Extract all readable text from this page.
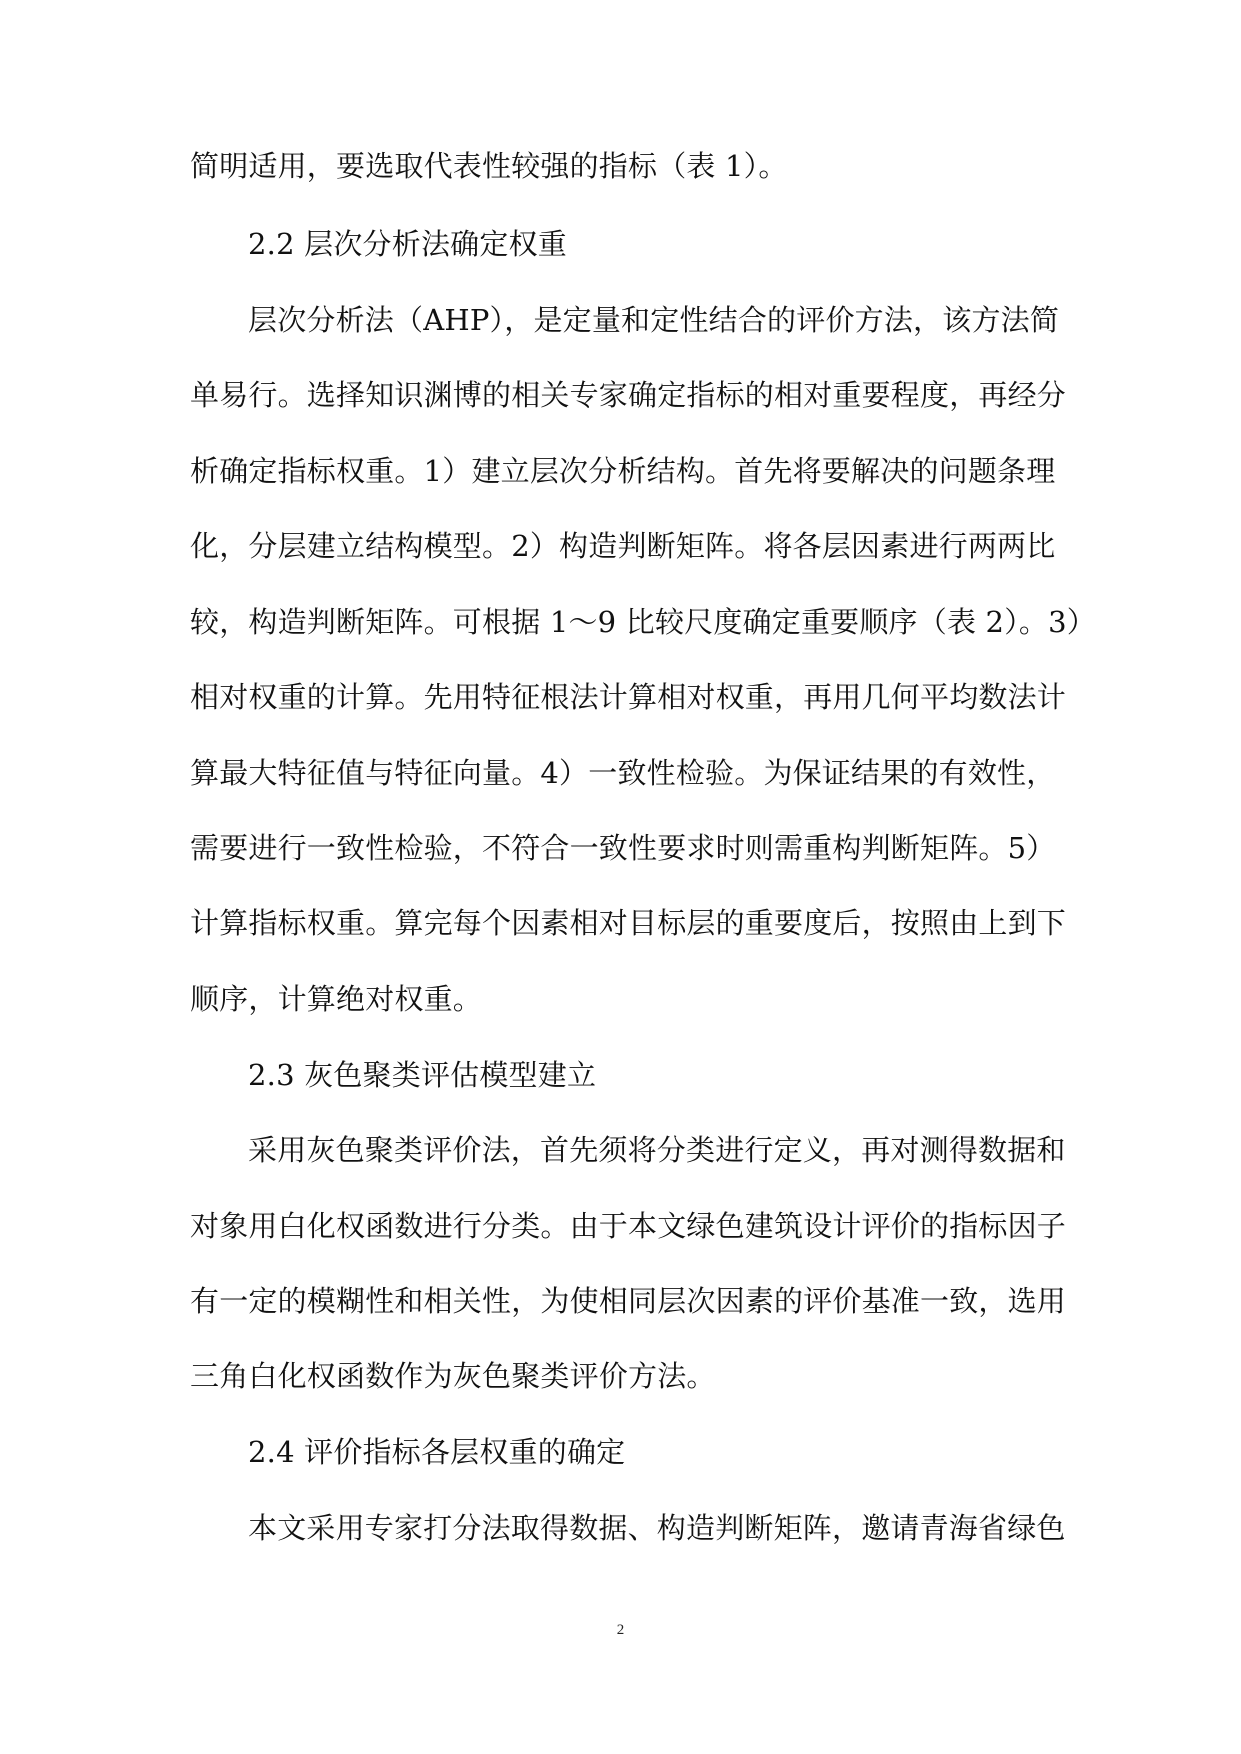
简明适用，要选取代表性较强的指标（表 1）。
2.2 层次分析法确定权重
层次分析法（AHP），是定量和定性结合的评价方法，该方法简
单易行。选择知识渊博的相关专家确定指标的相对重要程度，再经分
析确定指标权重。1）建立层次分析结构。首先将要解决的问题条理
化，分层建立结构模型。2）构造判断矩阵。将各层因素进行两两比
较，构造判断矩阵。可根据 1～9 比较尺度确定重要顺序（表 2）。3）
相对权重的计算。先用特征根法计算相对权重，再用几何平均数法计
算最大特征值与特征向量。4）一致性检验。为保证结果的有效性，
需要进行一致性检验，不符合一致性要求时则需重构判断矩阵。5）
计算指标权重。算完每个因素相对目标层的重要度后，按照由上到下
顺序，计算绝对权重。
2.3 灰色聚类评估模型建立
采用灰色聚类评价法，首先须将分类进行定义，再对测得数据和
对象用白化权函数进行分类。由于本文绿色建筑设计评价的指标因子
有一定的模糊性和相关性，为使相同层次因素的评价基准一致，选用
三角白化权函数作为灰色聚类评价方法。
2.4 评价指标各层权重的确定
本文采用专家打分法取得数据、构造判断矩阵，邀请青海省绿色
2
